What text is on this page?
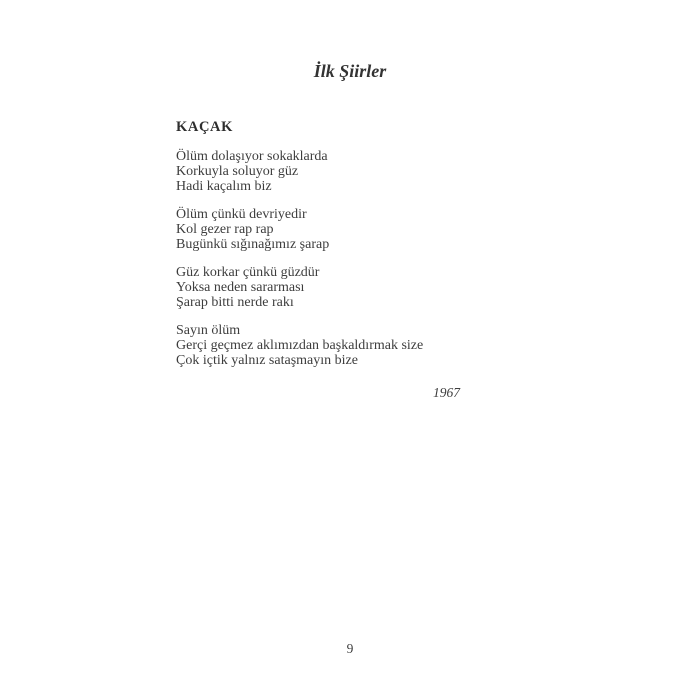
İlk Şiirler
KAÇAK
Ölüm dolaşıyor sokaklarda
Korkuyla soluyor güz
Hadi kaçalım biz
Ölüm çünkü devriyedir
Kol gezer rap rap
Bugünkü sığınağımız şarap
Güz korkar çünkü güzdür
Yoksa neden sararması
Şarap bitti nerde rakı
Sayın ölüm
Gerçi geçmez aklımızdan başkaldırmak size
Çok içtik yalnız sataşmayın bize
1967
9
